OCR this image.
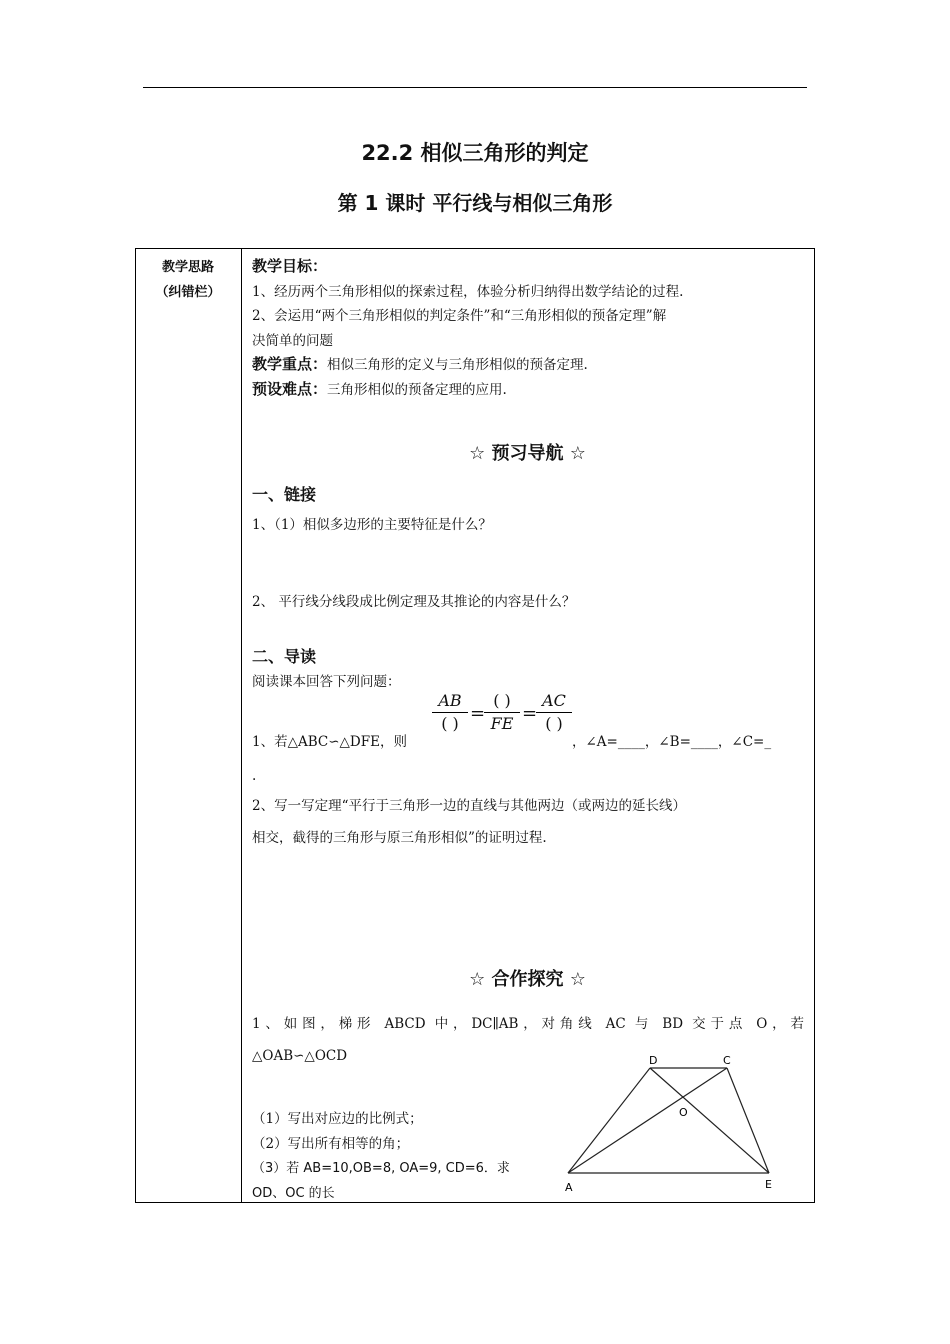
22.2 相似三角形的判定
第 1 课时 平行线与相似三角形
教学思路
（纠错栏）
教学目标：
1、经历两个三角形相似的探索过程，体验分析归纳得出数学结论的过程.
2、会运用“两个三角形相似的判定条件”和“三角形相似的预备定理”解
决简单的问题
教学重点：相似三角形的定义与三角形相似的预备定理.
预设难点：三角形相似的预备定理的应用.
☆ 预习导航 ☆
一、链接
1、（1）相似多边形的主要特征是什么？
2、 平行线分线段成比例定理及其推论的内容是什么？
二、导读
阅读课本回答下列问题：
1、若△ABC∽△DFE，则
AB
( ) =
( )
FE =
AC
( )
，∠A=____，∠B=____，∠C=_
.
2、写一写定理“平行于三角形一边的直线与其他两边（或两边的延长线）
相交，截得的三角形与原三角形相似”的证明过程.
☆ 合作探究 ☆
1、如图，梯形 ABCD 中，DC∥AB，对角线 AC 与 BD 交于点 O，若
△OAB∽△OCD
（1）写出对应边的比例式；
（2）写出所有相等的角；
（3）若 AB=10,OB=8, OA=9, CD=6．求
OD、OC 的长	A	E
C
D
O
